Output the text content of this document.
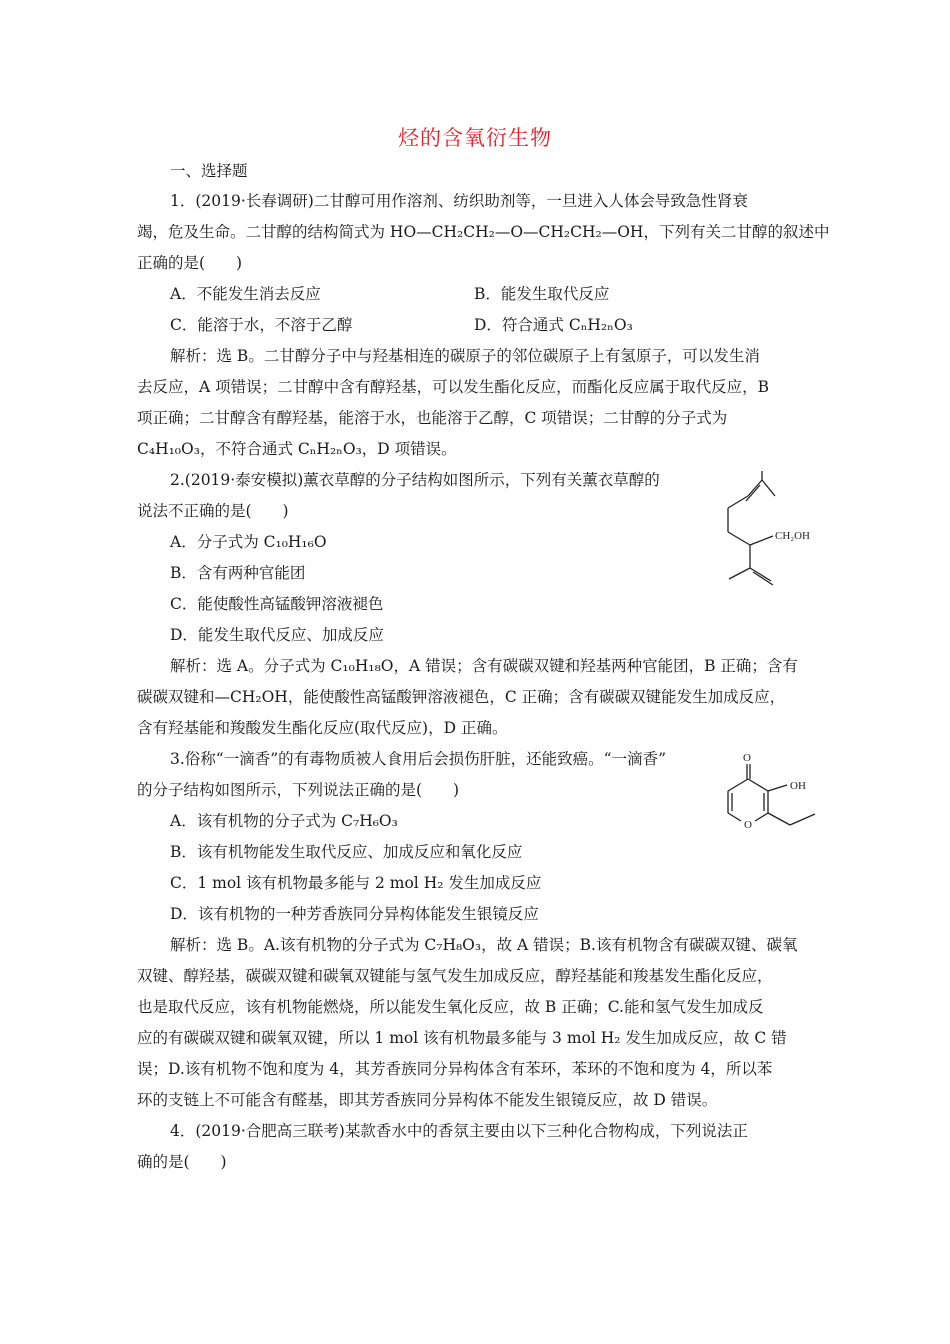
烃的含氧衍生物
一、选择题
1．(2019·长春调研)二甘醇可用作溶剂、纺织助剂等，一旦进入人体会导致急性肾衰
竭，危及生命。二甘醇的结构简式为 HO—CH₂CH₂—O—CH₂CH₂—OH，下列有关二甘醇的叙述中
正确的是(　　)
A．不能发生消去反应	B．能发生取代反应
C．能溶于水，不溶于乙醇	D．符合通式 CₙH₂ₙO₃
解析：选 B。二甘醇分子中与羟基相连的碳原子的邻位碳原子上有氢原子，可以发生消
去反应，A 项错误；二甘醇中含有醇羟基，可以发生酯化反应，而酯化反应属于取代反应，B
项正确；二甘醇含有醇羟基，能溶于水，也能溶于乙醇，C 项错误；二甘醇的分子式为
C₄H₁₀O₃，不符合通式 CₙH₂ₙO₃，D 项错误。
2.(2019·泰安模拟)薰衣草醇的分子结构如图所示，下列有关薰衣草醇的
说法不正确的是(　　)
A．分子式为 C₁₀H₁₆O
B．含有两种官能团
C．能使酸性高锰酸钾溶液褪色
D．能发生取代反应、加成反应
CH₂OH
解析：选 A。分子式为 C₁₀H₁₈O，A 错误；含有碳碳双键和羟基两种官能团，B 正确；含有
碳碳双键和—CH₂OH，能使酸性高锰酸钾溶液褪色，C 正确；含有碳碳双键能发生加成反应，
含有羟基能和羧酸发生酯化反应(取代反应)，D 正确。
3.俗称“一滴香”的有毒物质被人食用后会损伤肝脏，还能致癌。“一滴香”
的分子结构如图所示，下列说法正确的是(　　)
A．该有机物的分子式为 C₇H₆O₃
B．该有机物能发生取代反应、加成反应和氧化反应
C．1 mol 该有机物最多能与 2 mol H₂ 发生加成反应
D．该有机物的一种芳香族同分异构体能发生银镜反应
O
OH
O
解析：选 B。A.该有机物的分子式为 C₇H₈O₃，故 A 错误；B.该有机物含有碳碳双键、碳氧
双键、醇羟基，碳碳双键和碳氧双键能与氢气发生加成反应，醇羟基能和羧基发生酯化反应，
也是取代反应，该有机物能燃烧，所以能发生氧化反应，故 B 正确；C.能和氢气发生加成反
应的有碳碳双键和碳氧双键，所以 1 mol 该有机物最多能与 3 mol H₂ 发生加成反应，故 C 错
误；D.该有机物不饱和度为 4，其芳香族同分异构体含有苯环，苯环的不饱和度为 4，所以苯
环的支链上不可能含有醛基，即其芳香族同分异构体不能发生银镜反应，故 D 错误。
4．(2019·合肥高三联考)某款香水中的香氛主要由以下三种化合物构成，下列说法正
确的是(　　)
